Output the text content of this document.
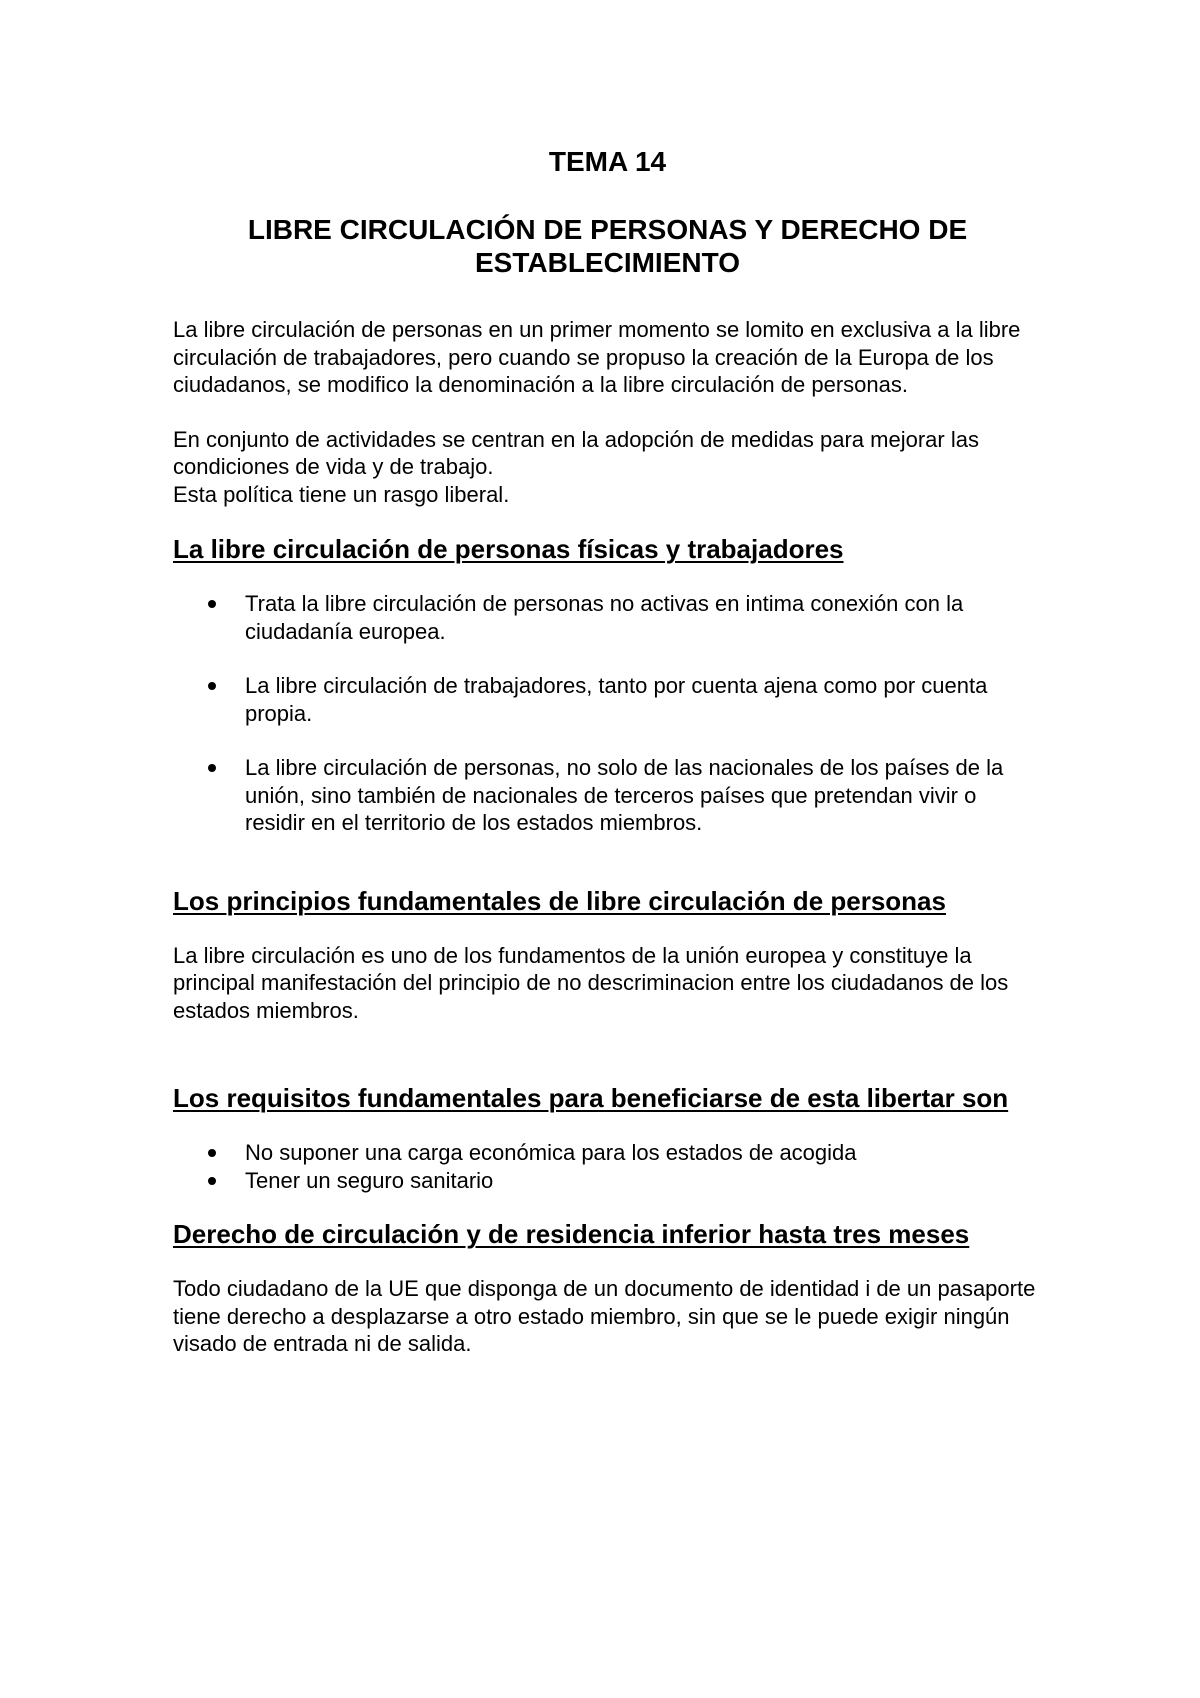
TEMA 14
LIBRE CIRCULACIÓN DE PERSONAS Y DERECHO DE ESTABLECIMIENTO

La libre circulación de personas en un primer momento se lomito en exclusiva a la libre circulación de trabajadores, pero cuando se propuso la creación de la Europa de los ciudadanos, se modifico la denominación a la libre circulación de personas.

En conjunto de actividades se centran en la adopción de medidas para mejorar las condiciones de vida y de trabajo.

Esta política tiene un rasgo liberal.

La libre circulación de personas físicas y trabajadores
Trata la libre circulación de personas no activas en intima conexión con la ciudadanía europea.
La libre circulación de trabajadores, tanto por cuenta ajena como por cuenta propia.
La libre circulación de personas, no solo de las nacionales de los países de la unión, sino también de nacionales de terceros países que pretendan vivir o residir en el territorio de los estados miembros.
Los principios fundamentales de libre circulación de personas

La libre circulación es uno de los fundamentos de la unión europea y constituye la principal manifestación del principio de no descriminacion entre los ciudadanos de los estados miembros.

Los requisitos fundamentales para beneficiarse de esta libertar son
No suponer una carga económica para los estados de acogida
Tener un seguro sanitario
Derecho de circulación y de residencia inferior hasta tres meses

Todo ciudadano de la UE que disponga de un documento de identidad i de un pasaporte tiene derecho a desplazarse a otro estado miembro, sin que se le puede exigir ningún visado de entrada ni de salida.
